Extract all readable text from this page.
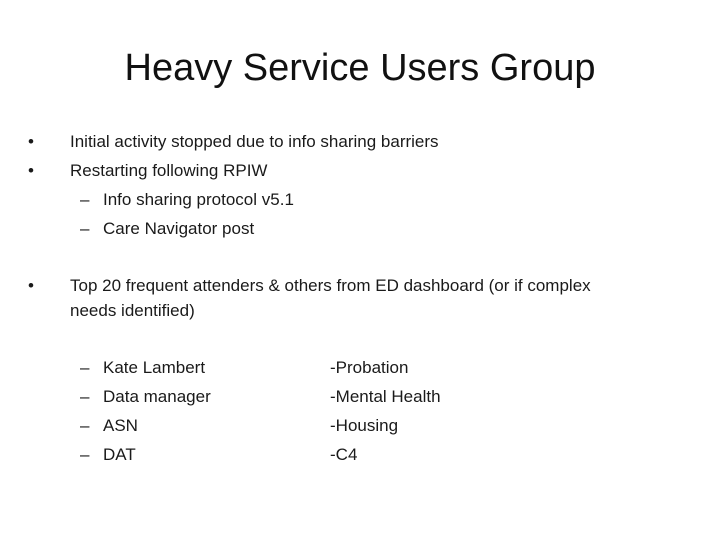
Heavy Service Users Group
• Initial activity stopped due to info sharing barriers
• Restarting following RPIW
– Info sharing protocol v5.1
– Care Navigator post
• Top 20 frequent attenders & others from ED dashboard (or if complex
needs identified)
– Kate Lambert
– Data manager
– ASN
– DAT
-Probation
-Mental Health
-Housing
-C4
